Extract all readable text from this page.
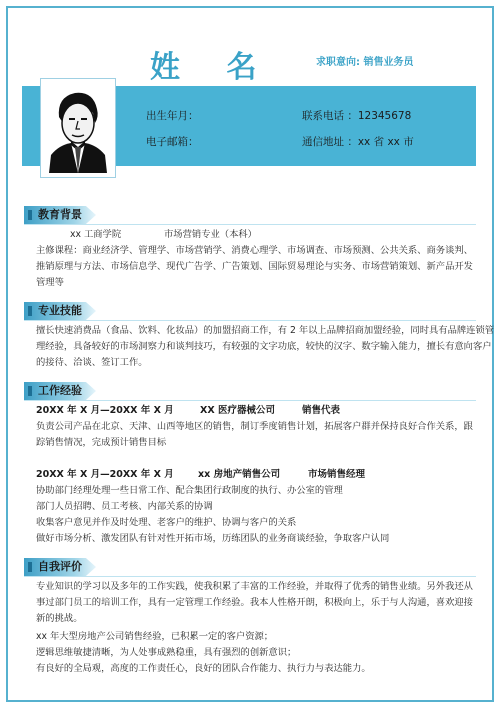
姓 名	求职意向: 销售业务员
出生年月：	联系电话 ：12345678
电子邮箱：	通信地址 ：xx 省 xx 市
教育背景
xx 工商学院	市场营销专业（本科）
主修课程：商业经济学、管理学、市场营销学、消费心理学、市场调查、市场预测、公共关系、商务谈判、
推销原理与方法、市场信息学、现代广告学、广告策划、国际贸易理论与实务、市场营销策划、新产品开发
管理等
专业技能
擅长快速消费品（食品、饮料、化妆品）的加盟招商工作，有 2 年以上品牌招商加盟经验，同时具有品牌连锁管
理经验，具备较好的市场洞察力和谈判技巧，有较强的文字功底，较快的汉字、数字输入能力，擅长有意向客户
的接待、洽谈、签订工作。
工作经验
20XX 年 X 月—20XX 年 X 月	XX 医疗器械公司	销售代表
负责公司产品在北京、天津、山西等地区的销售，制订季度销售计划，拓展客户群并保持良好合作关系，跟
踪销售情况，完成预计销售目标
20XX 年 X 月—20XX 年 X 月	xx 房地产销售公司	市场销售经理
协助部门经理处理一些日常工作、配合集团行政制度的执行、办公室的管理
部门人员招聘、员工考核、内部关系的协调
收集客户意见并作及时处理、老客户的维护、协调与客户的关系
做好市场分析、激发团队有针对性开拓市场，历练团队的业务商谈经验，争取客户认同
自我评价
专业知识的学习以及多年的工作实践，使我积累了丰富的工作经验，并取得了优秀的销售业绩。另外我还从
事过部门员工的培训工作，具有一定管理工作经验。我本人性格开朗，积极向上，乐于与人沟通，喜欢迎接
新的挑战。
xx 年大型房地产公司销售经验，已积累一定的客户资源；
逻辑思维敏捷清晰，为人处事成熟稳重，具有强烈的创新意识；
有良好的全局观，高度的工作责任心，良好的团队合作能力、执行力与表达能力。
